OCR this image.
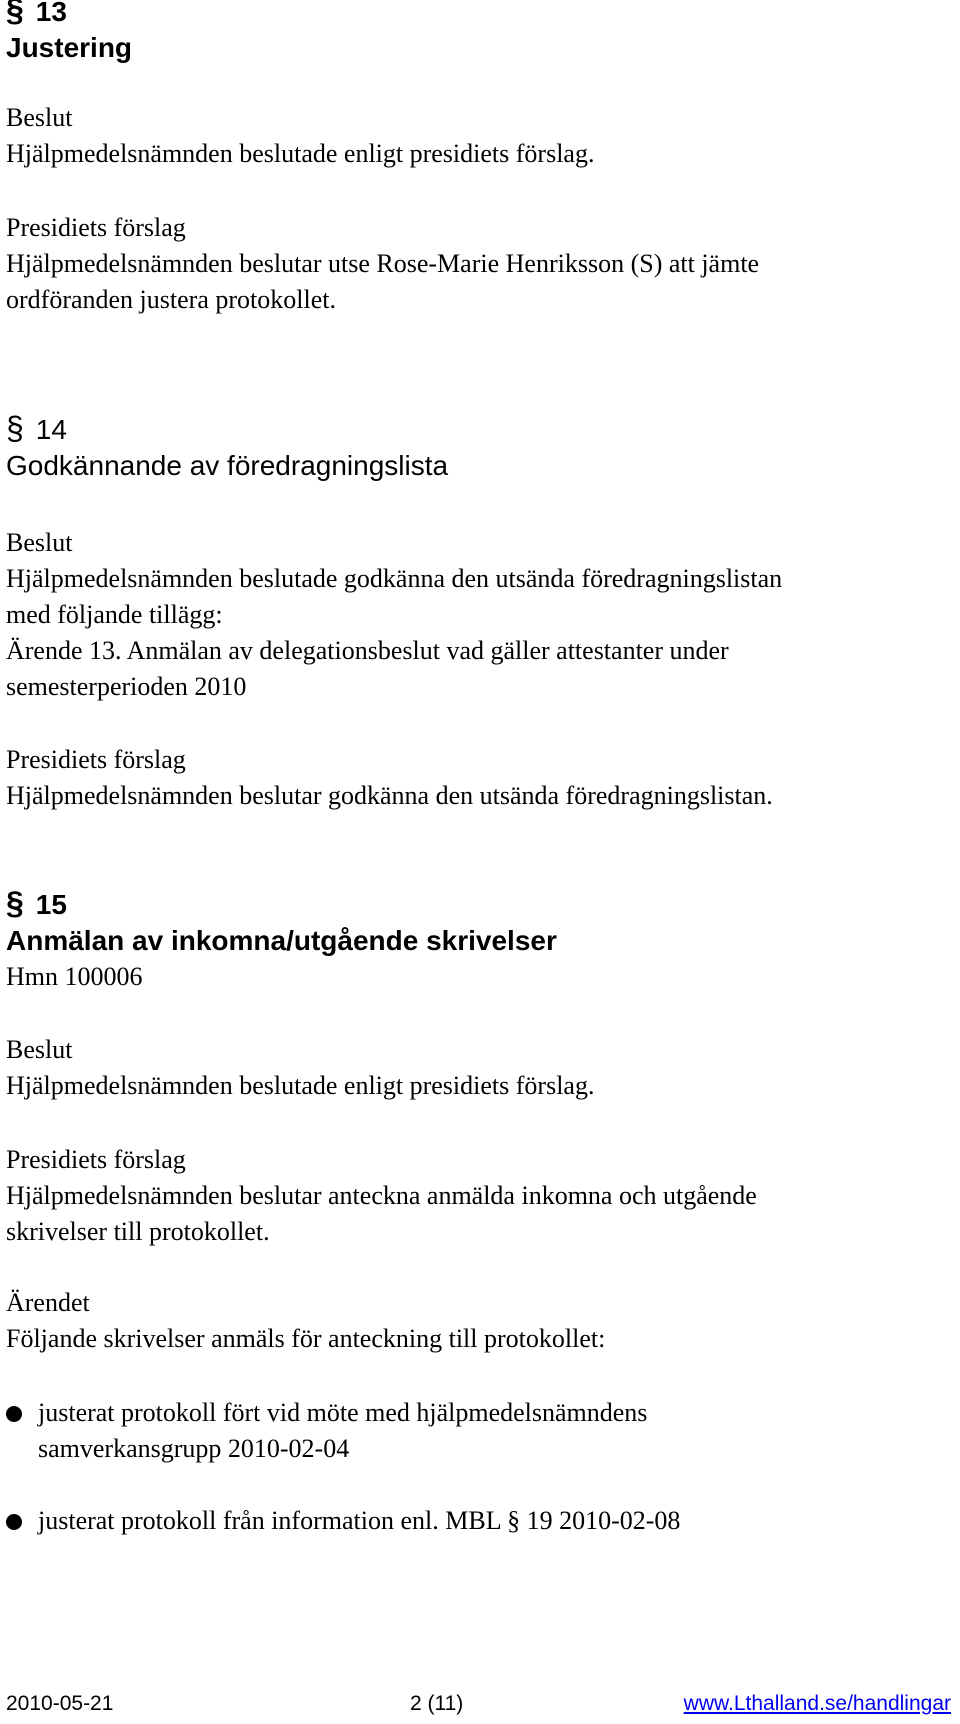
§ 13
Justering
Beslut

Hjälpmedelsnämnden beslutade enligt presidiets förslag.

Presidiets förslag

Hjälpmedelsnämnden beslutar utse Rose-Marie Henriksson (S) att jämte

ordföranden justera protokollet.

§ 14
Godkännande av föredragningslista
Beslut

Hjälpmedelsnämnden beslutade godkänna den utsända föredragningslistan

med följande tillägg:

Ärende 13. Anmälan av delegationsbeslut vad gäller attestanter under

semesterperioden 2010

Presidiets förslag

Hjälpmedelsnämnden beslutar godkänna den utsända föredragningslistan.

§ 15
Anmälan av inkomna/utgående skrivelser

Hmn 100006

Beslut

Hjälpmedelsnämnden beslutade enligt presidiets förslag.

Presidiets förslag

Hjälpmedelsnämnden beslutar anteckna anmälda inkomna och utgående

skrivelser till protokollet.

Ärendet

Följande skrivelser anmäls för anteckning till protokollet:

justerat protokoll fört vid möte med hjälpmedelsnämndens
samverkansgrupp 2010-02-04
justerat protokoll från information enl. MBL § 19 2010-02-08
2010-05-21	2 (11)	www.Lthalland.se/handlingar
